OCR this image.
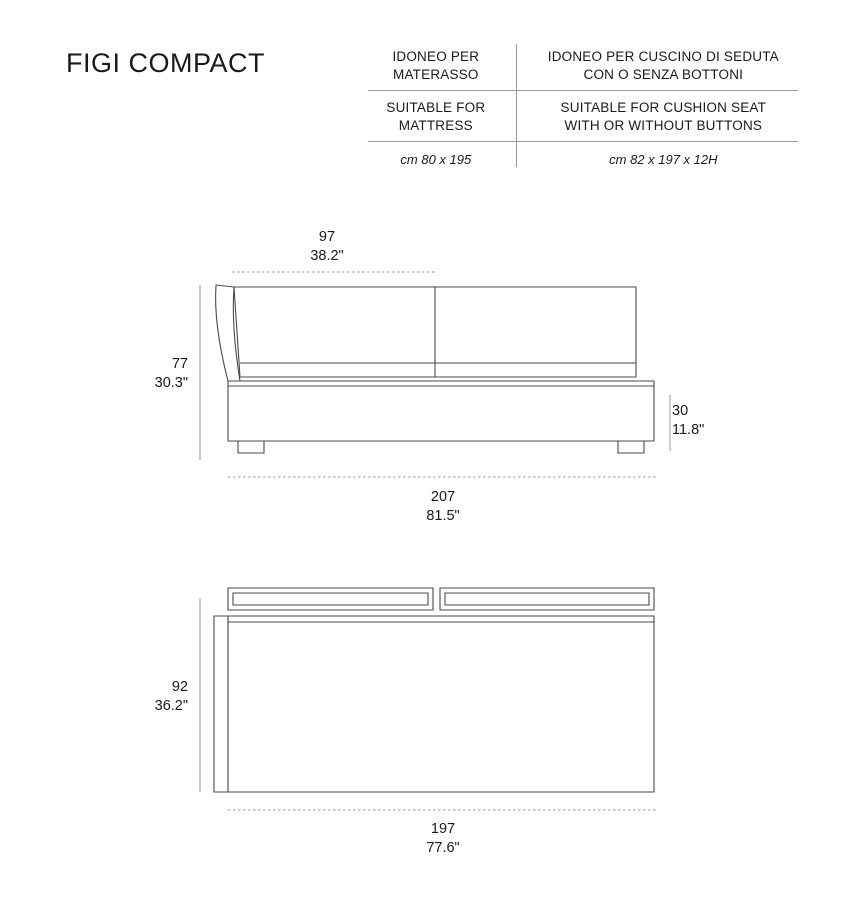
FIGI COMPACT	IDONEO PER
MATERASSO
IDONEO PER CUSCINO DI SEDUTA
CON O SENZA BOTTONI
SUITABLE FOR
MATTRESS
SUITABLE FOR CUSHION SEAT
WITH OR WITHOUT BUTTONS
cm 80 x 195	cm 82 x 197 x 12H
97
38.2"
77
30.3"
30
11.8"
207
81.5"
92
36.2"
197
77.6"
